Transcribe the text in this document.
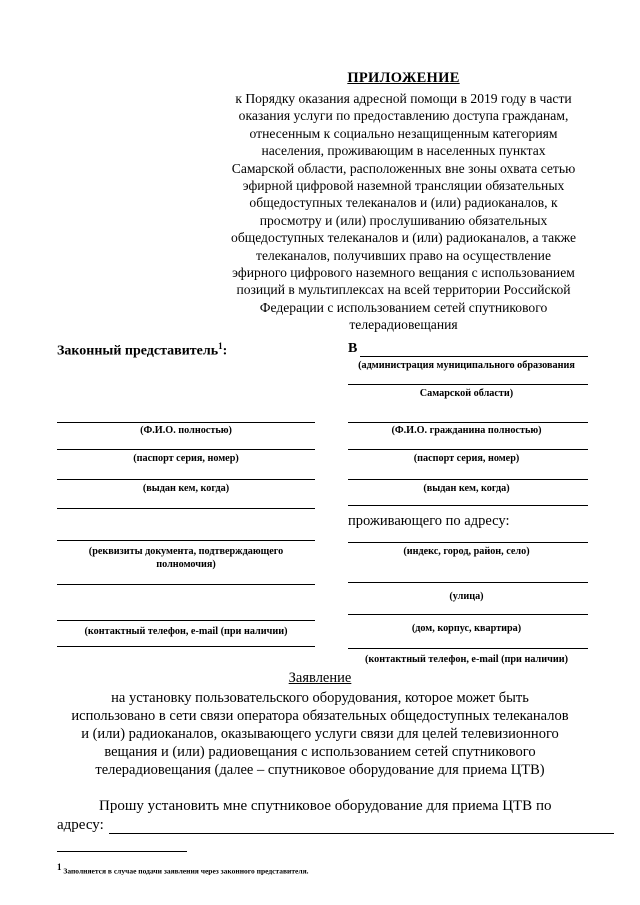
ПРИЛОЖЕНИЕ
к Порядку оказания адресной помощи в 2019 году в части
оказания услуги по предоставлению доступа гражданам,
отнесенным к социально незащищенным категориям
населения, проживающим в населенных пунктах
Самарской области, расположенных вне зоны охвата сетью
эфирной цифровой наземной трансляции обязательных
общедоступных телеканалов и (или) радиоканалов, к
просмотру и (или) прослушиванию обязательных
общедоступных телеканалов и (или) радиоканалов, а также
телеканалов, получивших право на осуществление
эфирного цифрового наземного вещания с использованием
позиций в мультиплексах на всей территории Российской
Федерации с использованием сетей спутникового
телерадиовещания
Законный представитель$^1$:
(Ф.И.О. полностью)
(паспорт серия, номер)
(выдан кем, когда)
(реквизиты документа, подтверждающего
полномочия)
(контактный телефон, e-mail (при наличии)
В
(администрация муниципального образования
Самарской области)
(Ф.И.О. гражданина полностью)
(паспорт серия, номер)
(выдан кем, когда)
проживающего по адресу:
(индекс, город, район, село)
(улица)
(дом, корпус, квартира)
(контактный телефон, e-mail (при наличии)
Заявление
на установку пользовательского оборудования, которое может быть
использовано в сети связи оператора обязательных общедоступных телеканалов
и (или) радиоканалов, оказывающего услуги связи для целей телевизионного
вещания и (или) радиовещания с использованием сетей спутникового
телерадиовещания (далее – спутниковое оборудование для приема ЦТВ)
Прошу установить мне спутниковое оборудование для приема ЦТВ по
адресу:
1 Заполняется в случае подачи заявления через законного представителя.
